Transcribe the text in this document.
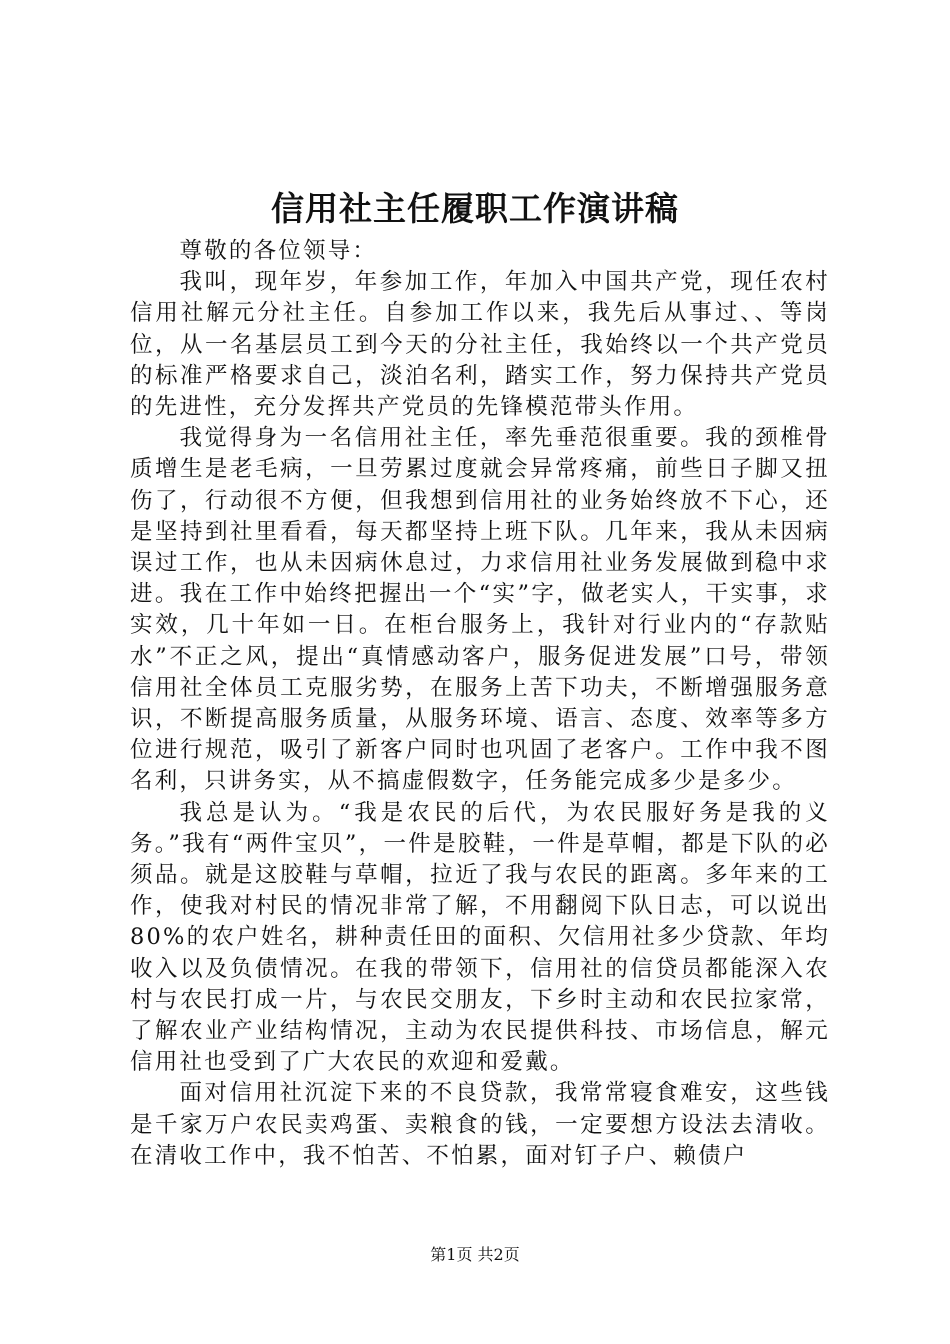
信用社主任履职工作演讲稿

尊敬的各位领导：

我叫，现年岁，年参加工作，年加入中国共产党，现任农村信用社解元分社主任。自参加工作以来，我先后从事过、、等岗位，从一名基层员工到今天的分社主任，我始终以一个共产党员的标准严格要求自己，淡泊名利，踏实工作，努力保持共产党员的先进性，充分发挥共产党员的先锋模范带头作用。

我觉得身为一名信用社主任，率先垂范很重要。我的颈椎骨质增生是老毛病，一旦劳累过度就会异常疼痛，前些日子脚又扭伤了，行动很不方便，但我想到信用社的业务始终放不下心，还是坚持到社里看看，每天都坚持上班下队。几年来，我从未因病误过工作，也从未因病休息过，力求信用社业务发展做到稳中求进。我在工作中始终把握出一个“实”字，做老实人，干实事，求实效，几十年如一日。在柜台服务上，我针对行业内的“存款贴水”不正之风，提出“真情感动客户，服务促进发展”口号，带领信用社全体员工克服劣势，在服务上苦下功夫，不断增强服务意识，不断提高服务质量，从服务环境、语言、态度、效率等多方位进行规范，吸引了新客户同时也巩固了老客户。工作中我不图名利，只讲务实，从不搞虚假数字，任务能完成多少是多少。

我总是认为。“我是农民的后代，为农民服好务是我的义务。”我有“两件宝贝”，一件是胶鞋，一件是草帽，都是下队的必须品。就是这胶鞋与草帽，拉近了我与农民的距离。多年来的工作，使我对村民的情况非常了解，不用翻阅下队日志，可以说出80%的农户姓名，耕种责任田的面积、欠信用社多少贷款、年均收入以及负债情况。在我的带领下，信用社的信贷员都能深入农村与农民打成一片，与农民交朋友，下乡时主动和农民拉家常，了解农业产业结构情况，主动为农民提供科技、市场信息，解元信用社也受到了广大农民的欢迎和爱戴。

面对信用社沉淀下来的不良贷款，我常常寝食难安，这些钱是千家万户农民卖鸡蛋、卖粮食的钱，一定要想方设法去清收。在清收工作中，我不怕苦、不怕累，面对钉子户、赖债户

第1页 共2页
